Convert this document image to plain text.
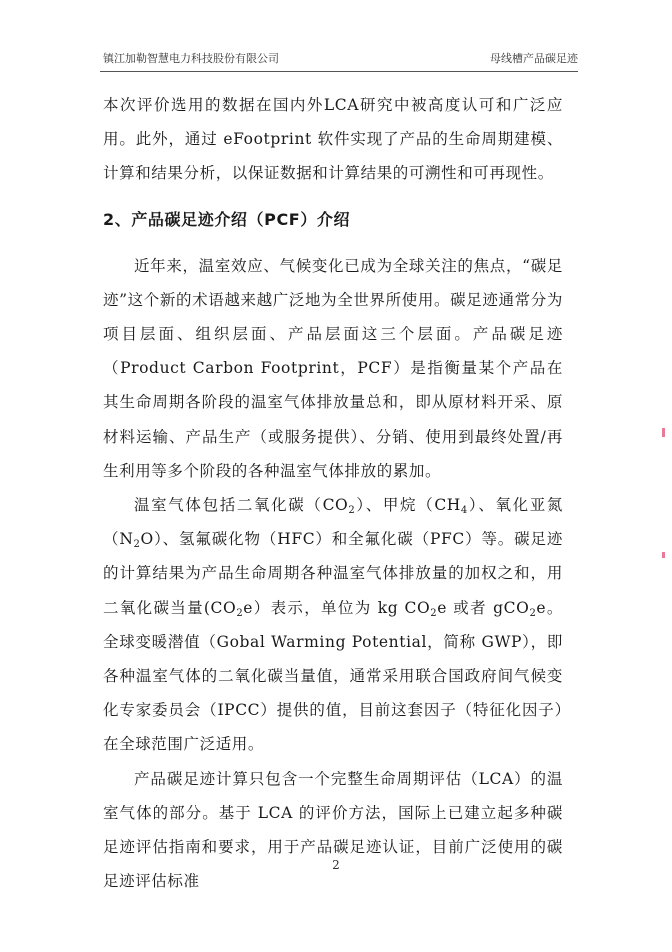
镇江加勒智慧电力科技股份有限公司	母线槽产品碳足迹

本次评价选用的数据在国内外LCA研究中被高度认可和广泛应用。此外，通过 eFootprint 软件实现了产品的生命周期建模、计算和结果分析，以保证数据和计算结果的可溯性和可再现性。

2、产品碳足迹介绍（PCF）介绍

近年来，温室效应、气候变化已成为全球关注的焦点，“碳足迹”这个新的术语越来越广泛地为全世界所使用。碳足迹通常分为项目层面、组织层面、产品层面这三个层面。产品碳足迹（Product Carbon Footprint，PCF）是指衡量某个产品在其生命周期各阶段的温室气体排放量总和，即从原材料开采、原材料运输、产品生产（或服务提供）、分销、使用到最终处置/再生利用等多个阶段的各种温室气体排放的累加。

温室气体包括二氧化碳$(CO_2)$、甲烷$(CH_4)$、氧化亚氮$(N_2O)$、氢氟碳化物（HFC）和全氟化碳（PFC）等。碳足迹的计算结果为产品生命周期各种温室气体排放量的加权之和，用二氧化碳当量$(CO_2e)$表示，单位为 kg $CO_2e$ 或者 gCO$_2$e。全球变暖潜值（Gobal Warming Potential，简称 GWP），即各种温室气体的二氧化碳当量值，通常采用联合国政府间气候变化专家委员会（IPCC）提供的值，目前这套因子（特征化因子）在全球范围广泛适用。

产品碳足迹计算只包含一个完整生命周期评估（LCA）的温室气体的部分。基于 LCA 的评价方法，国际上已建立起多种碳足迹评估指南和要求，用于产品碳足迹认证，目前广泛使用的碳足迹评估标准

2
